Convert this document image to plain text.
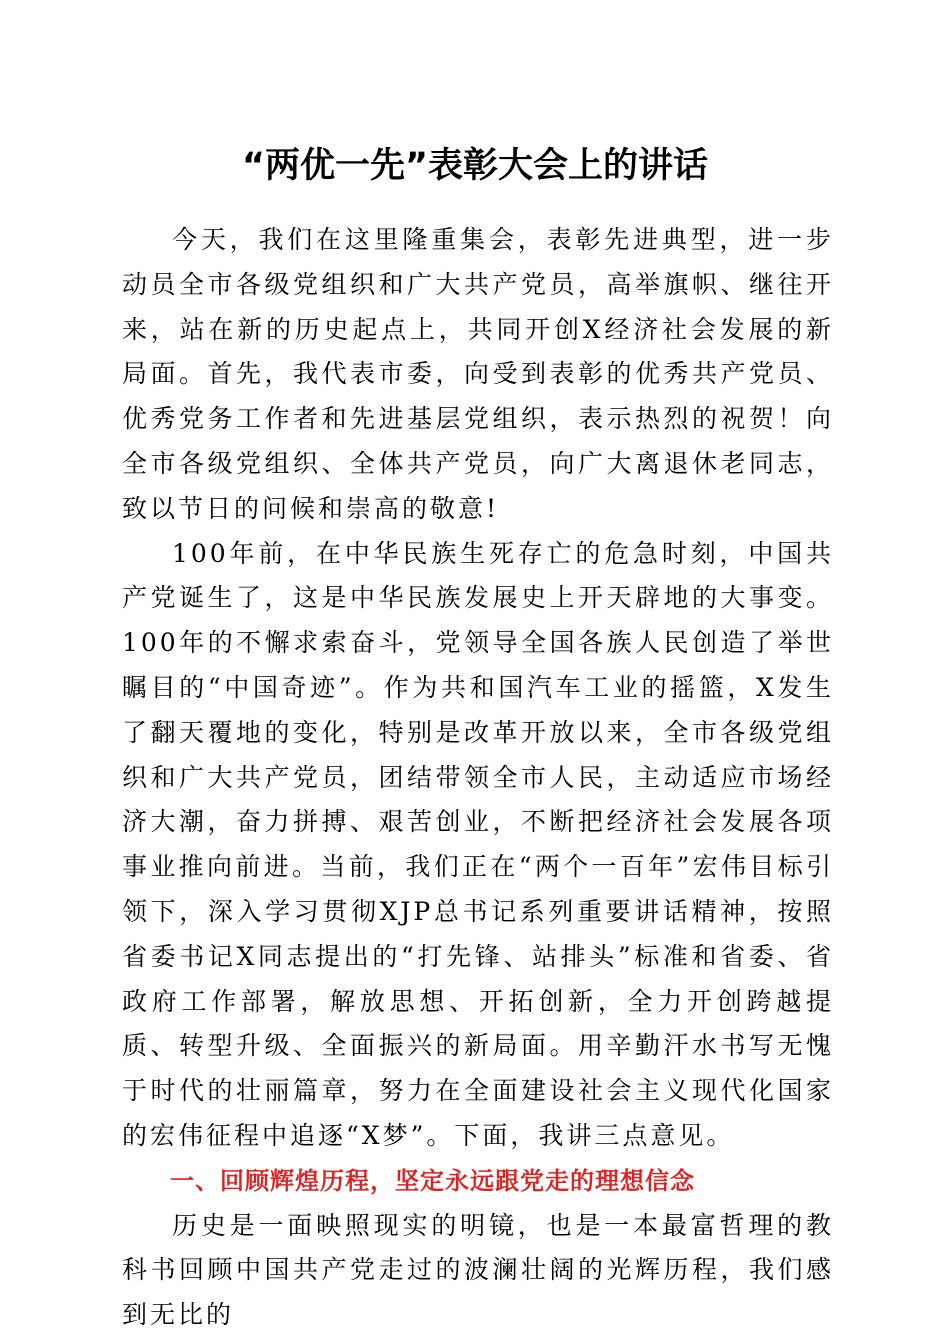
“两优一先”表彰大会上的讲话

今天，我们在这里隆重集会，表彰先进典型，进一步动员全市各级党组织和广大共产党员，高举旗帜、继往开来，站在新的历史起点上，共同开创X经济社会发展的新局面。首先，我代表市委，向受到表彰的优秀共产党员、优秀党务工作者和先进基层党组织，表示热烈的祝贺！向全市各级党组织、全体共产党员，向广大离退休老同志，致以节日的问候和崇高的敬意!

100年前，在中华民族生死存亡的危急时刻，中国共产党诞生了，这是中华民族发展史上开天辟地的大事变。100年的不懈求索奋斗，党领导全国各族人民创造了举世瞩目的“中国奇迹”。作为共和国汽车工业的摇篮，X发生了翻天覆地的变化，特别是改革开放以来，全市各级党组织和广大共产党员，团结带领全市人民，主动适应市场经济大潮，奋力拼搏、艰苦创业，不断把经济社会发展各项事业推向前进。当前，我们正在“两个一百年”宏伟目标引领下，深入学习贯彻XJP总书记系列重要讲话精神，按照省委书记X同志提出的“打先锋、站排头”标准和省委、省政府工作部署，解放思想、开拓创新，全力开创跨越提质、转型升级、全面振兴的新局面。用辛勤汗水书写无愧于时代的壮丽篇章，努力在全面建设社会主义现代化国家的宏伟征程中追逐“X梦”。下面，我讲三点意见。

一、回顾辉煌历程，坚定永远跟党走的理想信念

历史是一面映照现实的明镜，也是一本最富哲理的教科书回顾中国共产党走过的波澜壮阔的光辉历程，我们感到无比的
